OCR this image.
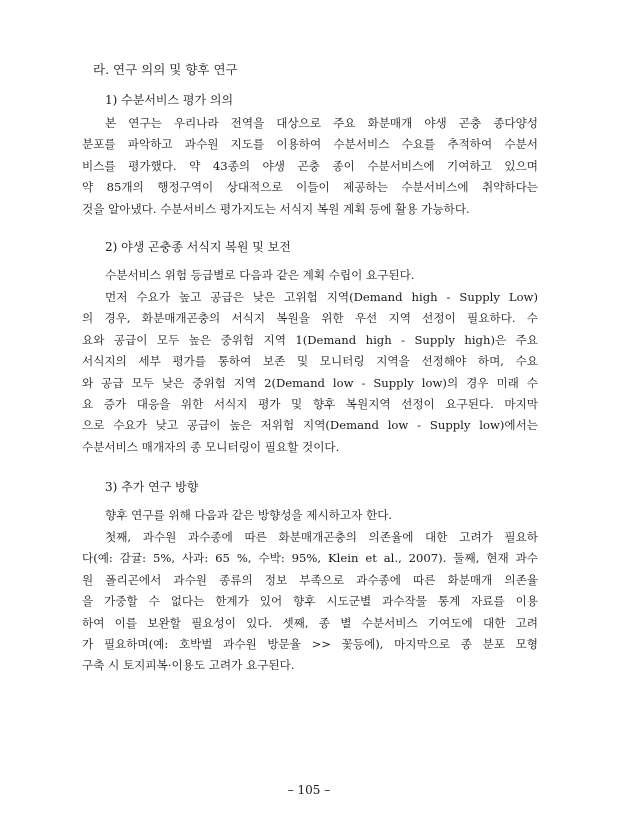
라. 연구 의의 및 향후 연구
1) 수분서비스 평가 의의
본 연구는 우리나라 전역을 대상으로 주요 화분매개 야생 곤충 종다양성
분포를 파악하고 과수원 지도를 이용하여 수분서비스 수요를 추적하여 수분서
비스를 평가했다. 약 43종의 야생 곤충 종이 수분서비스에 기여하고 있으며
약 85개의 행정구역이 상대적으로 이들이 제공하는 수분서비스에 취약하다는
것을 알아냈다. 수분서비스 평가지도는 서식지 복원 계획 등에 활용 가능하다.
2) 야생 곤충종 서식지 복원 및 보전
수분서비스 위험 등급별로 다음과 같은 계획 수립이 요구된다.
먼저 수요가 높고 공급은 낮은 고위험 지역(Demand high - Supply Low)
의 경우, 화분매개곤충의 서식지 복원을 위한 우선 지역 선정이 필요하다. 수
요와 공급이 모두 높은 중위험 지역 1(Demand high - Supply high)은 주요
서식지의 세부 평가를 통하여 보존 및 모니터링 지역을 선정해야 하며, 수요
와 공급 모두 낮은 중위험 지역 2(Demand low - Supply low)의 경우 미래 수
요 증가 대응을 위한 서식지 평가 및 향후 복원지역 선정이 요구된다. 마지막
으로 수요가 낮고 공급이 높은 저위험 지역(Demand low - Supply low)에서는
수분서비스 매개자의 종 모니터링이 필요할 것이다.
3) 추가 연구 방향
향후 연구를 위해 다음과 같은 방향성을 제시하고자 한다.
첫째, 과수원 과수종에 따른 화분매개곤충의 의존율에 대한 고려가 필요하
다(예: 감귤: 5%, 사과: 65 %, 수박: 95%, Klein et al., 2007). 둘째, 현재 과수
원 폴리곤에서 과수원 종류의 정보 부족으로 과수종에 따른 화분매개 의존율
을 가중할 수 없다는 한계가 있어 향후 시도군별 과수작물 통계 자료를 이용
하여 이를 보완할 필요성이 있다. 셋째, 종 별 수분서비스 기여도에 대한 고려
가 필요하며(예: 호박벌 과수원 방문율 >> 꽃등에), 마지막으로 종 분포 모형
구축 시 토지피복·이용도 고려가 요구된다.
– 105 –
